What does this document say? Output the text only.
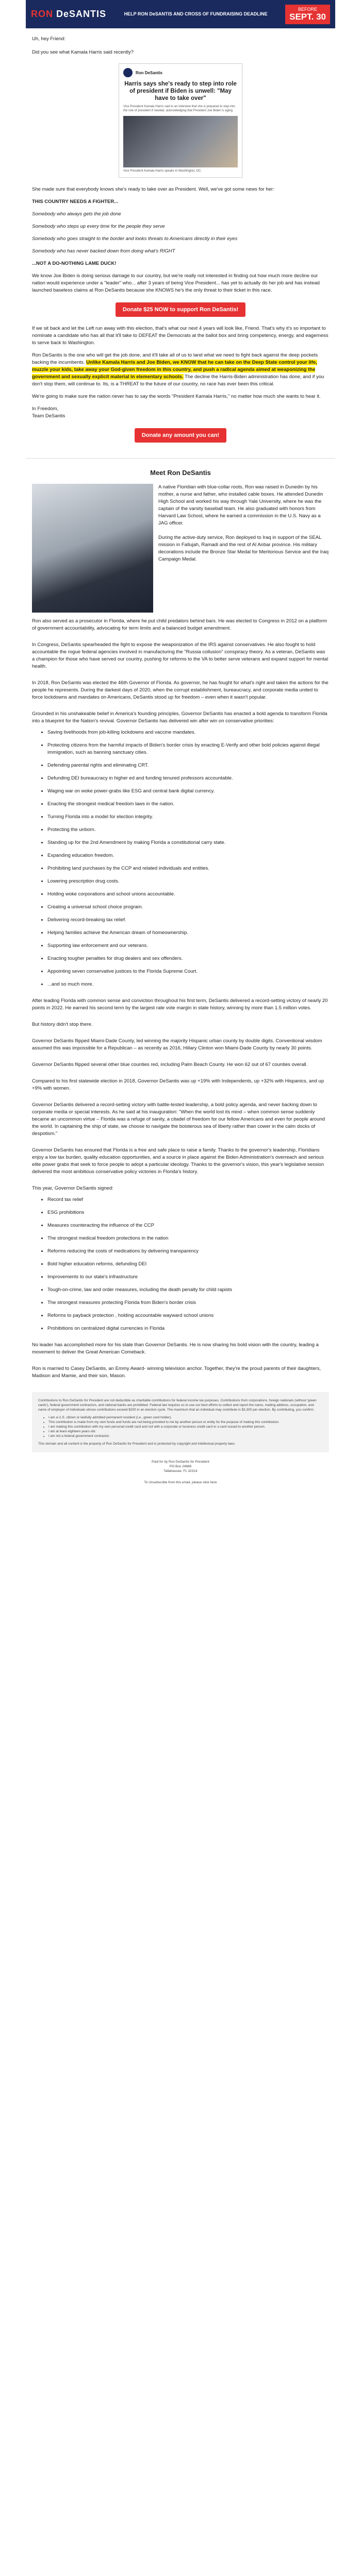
RON DeSANTIS	HELP RON DeSANTIS AND CROSS OF FUNDRAISING DEADLINE
BEFORE
SEPT. 30
Uh, hey Friend:
Did you see what Kamala Harris said recently?
Ron DeSantis
Harris says she's ready to step into role of president if Biden is unwell: "May have to take over"
Vice President Kamala Harris said in an interview that she is prepared to step into the role of president if needed, acknowledging that President Joe Biden is aging.
Vice President Kamala Harris speaks in Washington, DC.
She made sure that everybody knows she's ready to take over as President. Well, we've got some news for her:
THIS COUNTRY NEEDS A FIGHTER...
Somebody who always gets the job done
Somebody who steps up every time for the people they serve
Somebody who goes straight to the border and looks threats to Americans directly in their eyes
Somebody who has never backed down from doing what's RIGHT
...NOT A DO-NOTHING LAME DUCK!
We know Joe Biden is doing serious damage to our country, but we're really not interested in finding out how much more decline our nation would experience under a "leader" who... after 3 years of being Vice President... has yet to actually do her job and has instead launched baseless claims at Ron DeSantis because she KNOWS he's the only threat to their ticket in this race.
Donate $25 NOW to support Ron DeSantis!
If we sit back and let the Left run away with this election, that's what our next 4 years will look like, Friend. That's why it's so important to nominate a candidate who has all that it'll take to DEFEAT the Democrats at the ballot box and bring competency, energy, and eagerness to serve back to Washington.
Ron DeSantis is the one who will get the job done, and it'll take all of us to land what we need to fight back against the deep pockets backing the incumbents. Unlike Kamala Harris and Joe Biden, we KNOW that he can take on the Deep State control your life, muzzle your kids, take away your God-given freedom in this country, and push a radical agenda aimed at weaponizing the government and sexually explicit material in elementary schools. The decline the Harris-Biden administration has done, and if you don't stop them, will continue to. Its, is a THREAT to the future of our country, no race has ever been this critical.
We're going to make sure the nation never has to say the words "President Kamala Harris," no matter how much she wants to hear it.
In Freedom,
Team DeSantis
Donate any amount you can!
Meet Ron DeSantis
A native Floridian with blue-collar roots, Ron was raised in Dunedin by his mother, a nurse and father, who installed cable boxes. He attended Dunedin High School and worked his way through Yale University, where he was the captain of the varsity baseball team. He also graduated with honors from Harvard Law School, where he earned a commission in the U.S. Navy as a JAG officer.

During the active-duty service, Ron deployed to Iraq in support of the SEAL mission in Fallujah, Ramadi and the rest of Al Anbar province. His military decorations include the Bronze Star Medal for Meritorious Service and the Iraq Campaign Medal.
Ron also served as a prosecutor in Florida, where he put child predators behind bars. He was elected to Congress in 2012 on a platform of government accountability, advocating for term limits and a balanced budget amendment.
In Congress, DeSantis spearheaded the fight to expose the weaponization of the IRS against conservatives. He also fought to hold accountable the rogue federal agencies involved in manufacturing the "Russia collusion" conspiracy theory. As a veteran, DeSantis was a champion for those who have served our country, pushing for reforms to the VA to better serve veterans and expand support for mental health.
In 2018, Ron DeSantis was elected the 46th Governor of Florida. As governor, he has fought for what's right and taken the actions for the people he represents. During the darkest days of 2020, when the corrupt establishment, bureaucracy, and corporate media united to force lockdowns and mandates on Americans, DeSantis stood up for freedom – even when it wasn't popular.
Grounded in his unshakeable belief in America's founding principles, Governor DeSantis has enacted a bold agenda to transform Florida into a blueprint for the Nation's revival. Governor DeSantis has delivered win after win on conservative priorities:
• Saving livelihoods from job-killing lockdowns and vaccine mandates.
• Protecting citizens from the harmful impacts of Biden's border crisis by enacting E-Verify and other bold policies against illegal immigration, such as banning sanctuary cities.
• Defending parental rights and eliminating CRT.
• Defunding DEI bureaucracy in higher ed and funding tenured professors accountable.
• Waging war on woke power-grabs like ESG and central bank digital currency.
• Enacting the strongest medical freedom laws in the nation.
• Turning Florida into a model for election integrity.
• Protecting the unborn.
• Standing up for the 2nd Amendment by making Florida a constitutional carry state.
• Expanding education freedom.
• Prohibiting land purchases by the CCP and related individuals and entities.
• Lowering prescription drug costs.
• Holding woke corporations and school unions accountable.
• Creating a universal school choice program.
• Delivering record-breaking tax relief.
• Helping families achieve the American dream of homeownership.
• Supporting law enforcement and our veterans.
• Enacting tougher penalties for drug dealers and sex offenders.
• Appointing seven conservative justices to the Florida Supreme Court.
• ...and so much more.
After leading Florida with common sense and conviction throughout his first term, DeSantis delivered a record-setting victory of nearly 20 points in 2022. He earned his second term by the largest rate vote margin in state history, winning by more than 1.5 million votes.
But history didn't stop there.
Governor DeSantis flipped Miami-Dade County, led winning the majority Hispanic urban county by double digits. Conventional wisdom assumed this was impossible for a Republican – as recently as 2016, Hillary Clinton won Miami-Dade County by nearly 30 points.
Governor DeSantis flipped several other blue counties red, including Palm Beach County. He won 62 out of 67 counties overall.
Compared to his first statewide election in 2018, Governor DeSantis was up +19% with Independents, up +32% with Hispanics, and up +9% with women.
Governor DeSantis delivered a record-setting victory with battle-tested leadership, a bold policy agenda, and never backing down to corporate media or special interests. As he said at his inauguration: "When the world lost its mind – when common sense suddenly became an uncommon virtue – Florida was a refuge of sanity, a citadel of freedom for our fellow Americans and even for people around the world. In captaining the ship of state, we choose to navigate the boisterous sea of liberty rather than cower in the calm docks of despotism."
Governor DeSantis has ensured that Florida is a free and safe place to raise a family. Thanks to the governor's leadership, Floridians enjoy a low tax burden, quality education opportunities, and a source in place against the Biden Administration's overreach and serious elite power grabs that seek to force people to adopt a particular ideology. Thanks to the governor's vision, this year's legislative session delivered the most ambitious conservative policy victories in Florida's history.
This year, Governor DeSantis signed:
• Record tax relief
• ESG prohibitions
• Measures counteracting the influence of the CCP
• The strongest medical freedom protections in the nation
• Reforms reducing the costs of medications by delivering transparency
• Bold higher education reforms, defunding DEI
• Improvements to our state's infrastructure
• Tough-on-crime, law and order measures, including the death penalty for child rapists
• The strongest measures protecting Florida from Biden's border crisis
• Reforms to payback protection , holding accountable wayward school unions
• Prohibitions on centralized digital currencies in Florida
No leader has accomplished more for his state than Governor DeSantis. He is now sharing his bold vision with the country, leading a movement to deliver the Great American Comeback.
Ron is married to Casey DeSantis, an Emmy Award- winning television anchor. Together, they're the proud parents of their daughters, Madison and Mamie, and their son, Mason.
Contributions to Ron DeSantis for President are not deductible as charitable contributions for federal income tax purposes. Contributions from corporations, foreign nationals (without 'green cards'), federal government contractors, and national banks are prohibited. Federal law requires us to use our best efforts to collect and report the name, mailing address, occupation, and name of employer of individuals whose contributions exceed $200 in an election cycle. The maximum that an individual may contribute is $3,300 per election. By contributing, you confirm:
• I am a U.S. citizen or lawfully admitted permanent resident (i.e., green card holder).
• This contribution is made from my own funds and funds are not being provided to me by another person or entity for the purpose of making this contribution.
• I am making this contribution with my own personal credit card and not with a corporate or business credit card or a card issued to another person.
• I am at least eighteen years old.
• I am not a federal government contractor.
This domain and all content is the property of Ron DeSantis for President and is protected by copyright and intellectual property laws.
Paid for by Ron DeSantis for President
PO Box 24688
Tallahassee, FL 32314
To Unsubscribe from this email, please click here
